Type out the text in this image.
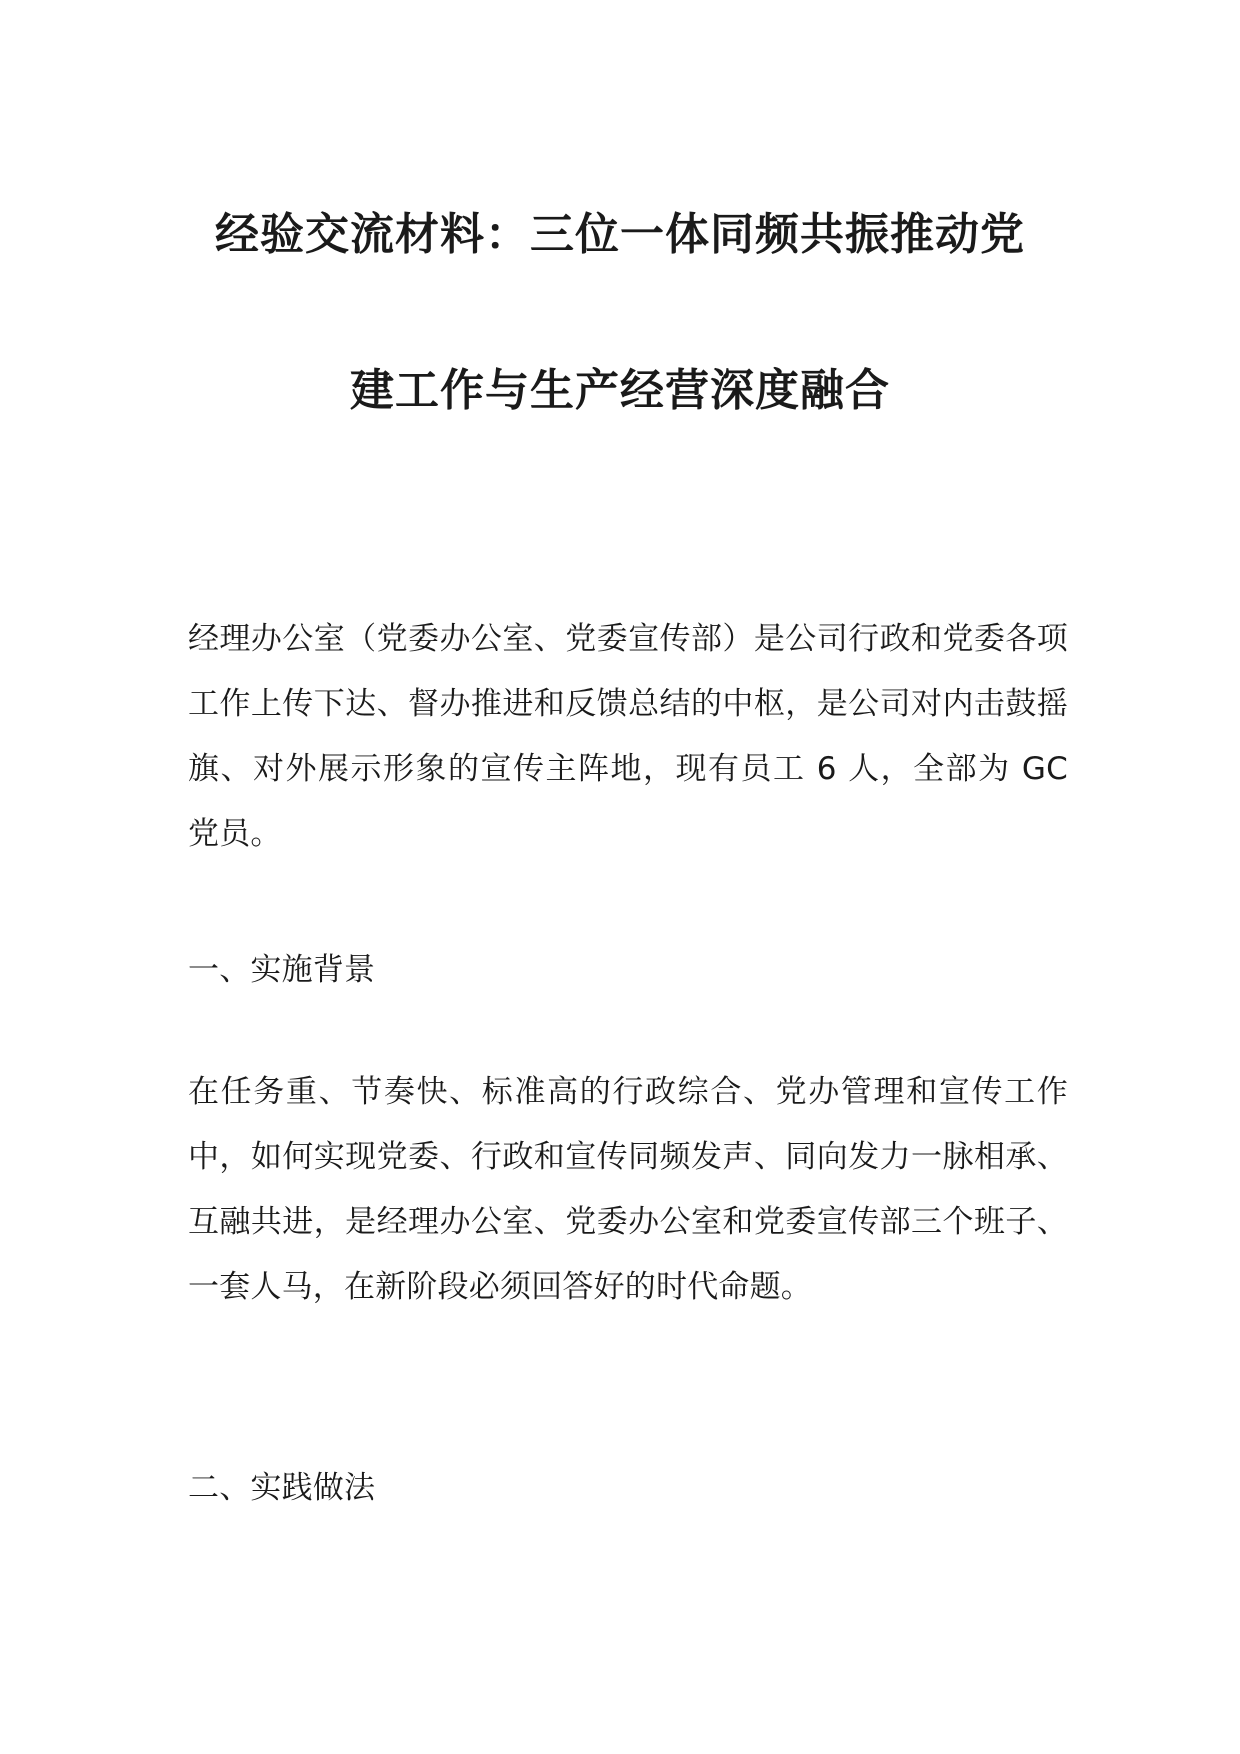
经验交流材料：三位一体同频共振推动党
建工作与生产经营深度融合

经理办公室（党委办公室、党委宣传部）是公司行政和党委各项工作上传下达、督办推进和反馈总结的中枢，是公司对内击鼓摇旗、对外展示形象的宣传主阵地，现有员工 6 人，全部为 GC 党员。

一、实施背景

在任务重、节奏快、标准高的行政综合、党办管理和宣传工作中，如何实现党委、行政和宣传同频发声、同向发力一脉相承、互融共进，是经理办公室、党委办公室和党委宣传部三个班子、一套人马，在新阶段必须回答好的时代命题。

二、实践做法
